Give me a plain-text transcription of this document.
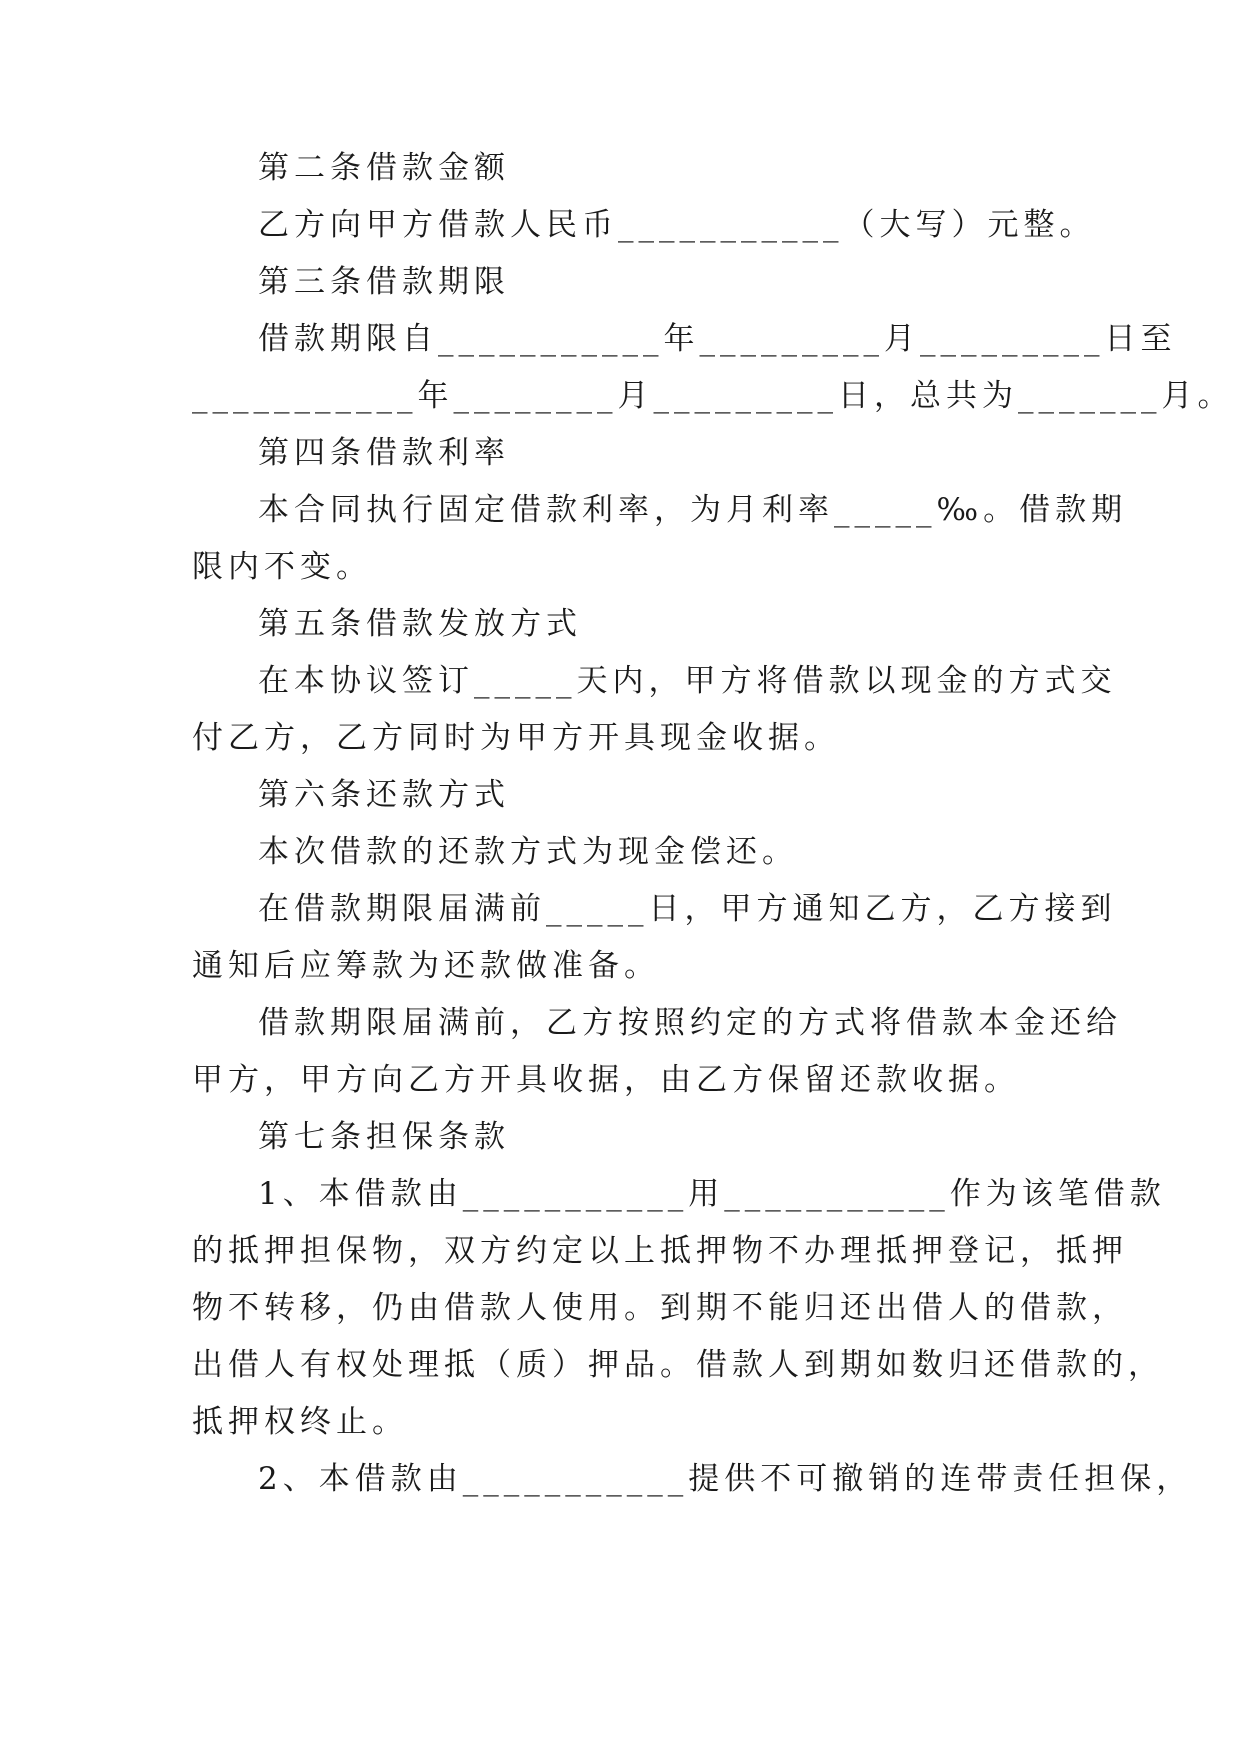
第二条借款金额
乙方向甲方借款人民币___________（大写）元整。
第三条借款期限
借款期限自___________年_________月_________日至
___________年________月_________日，总共为_______月。
第四条借款利率
本合同执行固定借款利率，为月利率_____‰。借款期
限内不变。
第五条借款发放方式
在本协议签订_____天内，甲方将借款以现金的方式交
付乙方，乙方同时为甲方开具现金收据。
第六条还款方式
本次借款的还款方式为现金偿还。
在借款期限届满前_____日，甲方通知乙方，乙方接到
通知后应筹款为还款做准备。
借款期限届满前，乙方按照约定的方式将借款本金还给
甲方，甲方向乙方开具收据，由乙方保留还款收据。
第七条担保条款
1、本借款由___________用___________作为该笔借款
的抵押担保物，双方约定以上抵押物不办理抵押登记，抵押
物不转移，仍由借款人使用。到期不能归还出借人的借款，
出借人有权处理抵（质）押品。借款人到期如数归还借款的，
抵押权终止。
2、本借款由___________提供不可撤销的连带责任担保，
